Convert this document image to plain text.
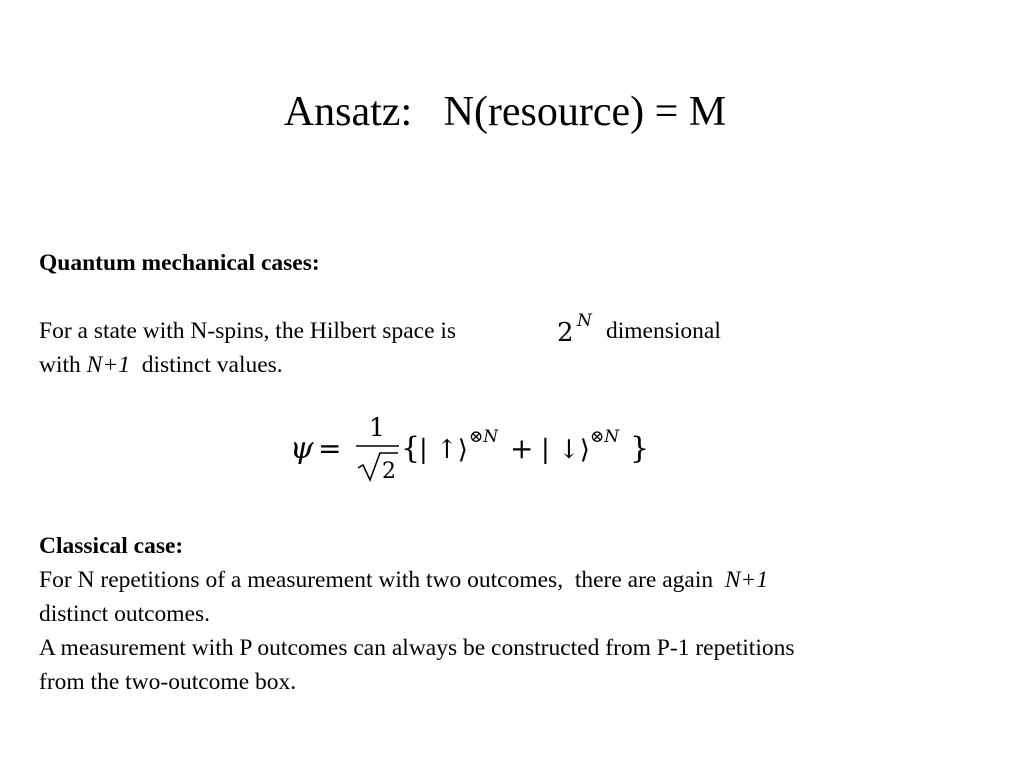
Ansatz:   N(resource) = M
Quantum mechanical cases:
For a state with N-spins, the Hilbert space is	2 N dimensional
with N+1  distinct values.
ψ =
1
2
{
| ↑⟩ ⊗N + | ↓⟩ ⊗N }
Classical case:
For N repetitions of a measurement with two outcomes,  there are again  N+1
distinct outcomes.
A measurement with P outcomes can always be constructed from P-1 repetitions
from the two-outcome box.
